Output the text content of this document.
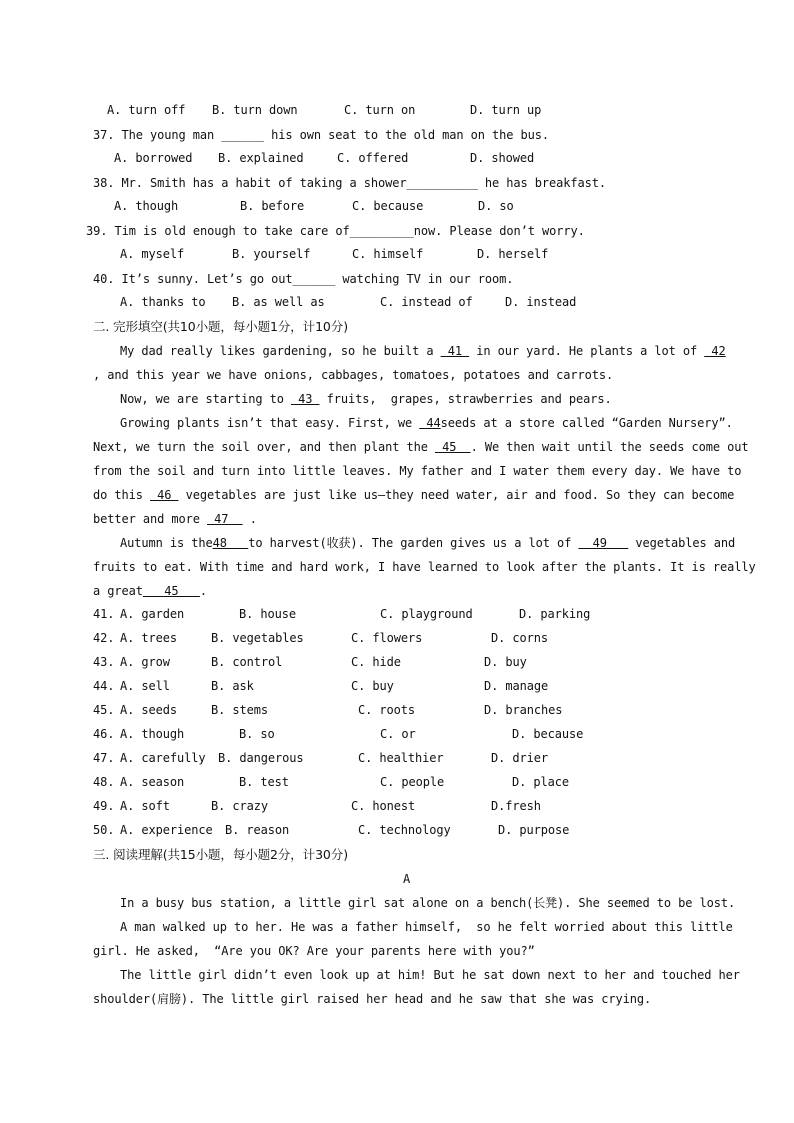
A. turn off B. turn down	C. turn on	D. turn up
37. The young man ______ his own seat to the old man on the bus.
A. borrowed B. explained	C. offered	D. showed
38. Mr. Smith has a habit of taking a shower__________ he has breakfast.
A. though	B. before	C. because	D. so
39. Tim is old enough to take care of_________now. Please don’t worry.
A. myself	B. yourself	C. himself	D. herself
40. It’s sunny. Let’s go out______ watching TV in our room.
A. thanks to B. as well as	C. instead of	D. instead
二. 完形填空(共10小题，每小题1分，计10分)
My dad really likes gardening, so he built a  41  in our yard. He plants a lot of  42
, and this year we have onions, cabbages, tomatoes, potatoes and carrots.
Now, we are starting to  43  fruits,  grapes, strawberries and pears.
Growing plants isn’t that easy. First, we  44seeds at a store called “Garden Nursery”.
Next, we turn the soil over, and then plant the  45  . We then wait until the seeds come out
from the soil and turn into little leaves. My father and I water them every day. We have to
do this  46  vegetables are just like us—they need water, air and food. So they can become
better and more  47   .
Autumn is the48   to harvest(收获). The garden gives us a lot of   49    vegetables and
fruits to eat. With time and hard work, I have learned to look after the plants. It is really
a great   45   .
41. A. garden	B. house	C. playground	D. parking
42. A. trees	B. vegetables	C. flowers	D. corns
43. A. grow	B. control	C. hide	D. buy
44. A. sell	B. ask	C. buy	D. manage
45. A. seeds	B. stems	C. roots	D. branches
46. A. though	B. so	C. or	D. because
47. A. carefully B. dangerous	C. healthier	D. drier
48. A. season	B. test	C. people	D. place
49. A. soft	B. crazy	C. honest	D.fresh
50. A. experience B. reason	C. technology	D. purpose
三. 阅读理解(共15小题，每小题2分，计30分)
A
In a busy bus station, a little girl sat alone on a bench(长凳). She seemed to be lost.
A man walked up to her. He was a father himself,  so he felt worried about this little
girl. He asked,  “Are you OK? Are your parents here with you?”
The little girl didn’t even look up at him! But he sat down next to her and touched her
shoulder(肩膀). The little girl raised her head and he saw that she was crying.
